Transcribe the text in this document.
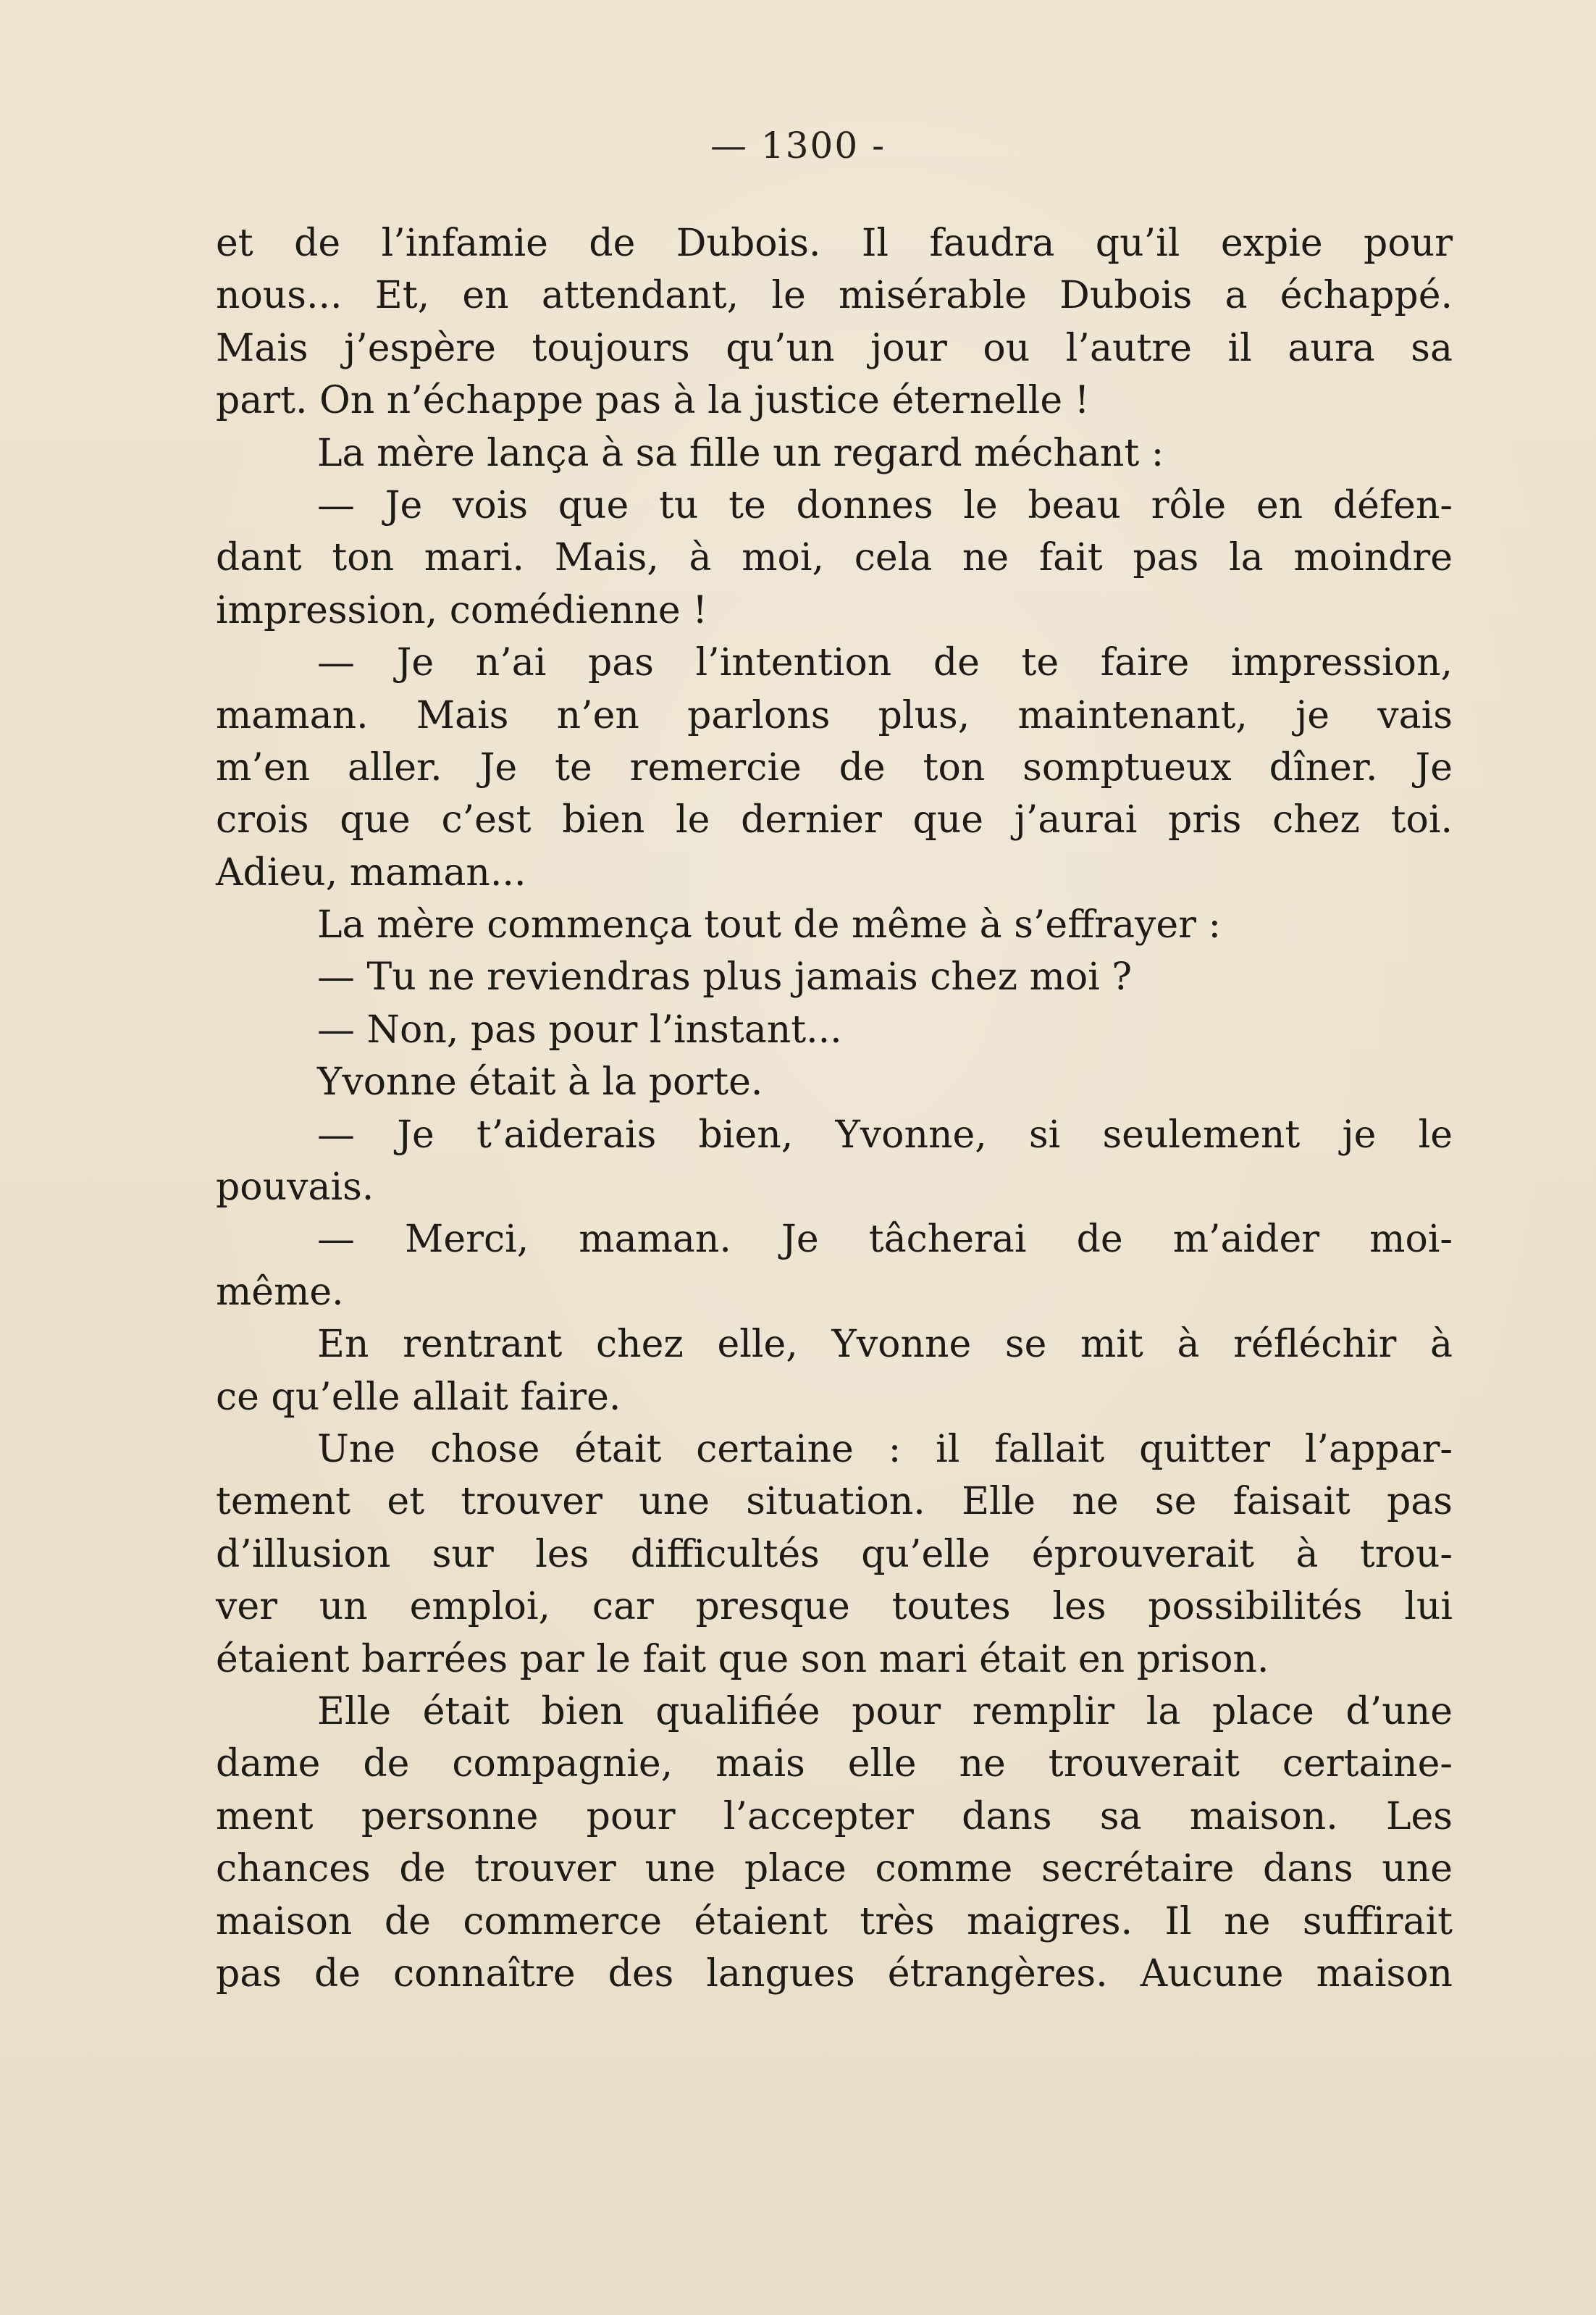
— 1300 -
et de l’infamie de Dubois. Il faudra qu’il expie pour
nous... Et, en attendant, le misérable Dubois a échappé.
Mais j’espère toujours qu’un jour ou l’autre il aura sa
part. On n’échappe pas à la justice éternelle !
La mère lança à sa fille un regard méchant :
— Je vois que tu te donnes le beau rôle en défen-
dant ton mari. Mais, à moi, cela ne fait pas la moindre
impression, comédienne !
— Je n’ai pas l’intention de te faire impression,
maman. Mais n’en parlons plus, maintenant, je vais
m’en aller. Je te remercie de ton somptueux dîner. Je
crois que c’est bien le dernier que j’aurai pris chez toi.
Adieu, maman...
La mère commença tout de même à s’effrayer :
— Tu ne reviendras plus jamais chez moi ?
— Non, pas pour l’instant...
Yvonne était à la porte.
— Je t’aiderais bien, Yvonne, si seulement je le
pouvais.
— Merci, maman. Je tâcherai de m’aider moi-
même.
En rentrant chez elle, Yvonne se mit à réfléchir à
ce qu’elle allait faire.
Une chose était certaine : il fallait quitter l’appar-
tement et trouver une situation. Elle ne se faisait pas
d’illusion sur les difficultés qu’elle éprouverait à trou-
ver un emploi, car presque toutes les possibilités lui
étaient barrées par le fait que son mari était en prison.
Elle était bien qualifiée pour remplir la place d’une
dame de compagnie, mais elle ne trouverait certaine-
ment personne pour l’accepter dans sa maison. Les
chances de trouver une place comme secrétaire dans une
maison de commerce étaient très maigres. Il ne suffirait
pas de connaître des langues étrangères. Aucune maison
